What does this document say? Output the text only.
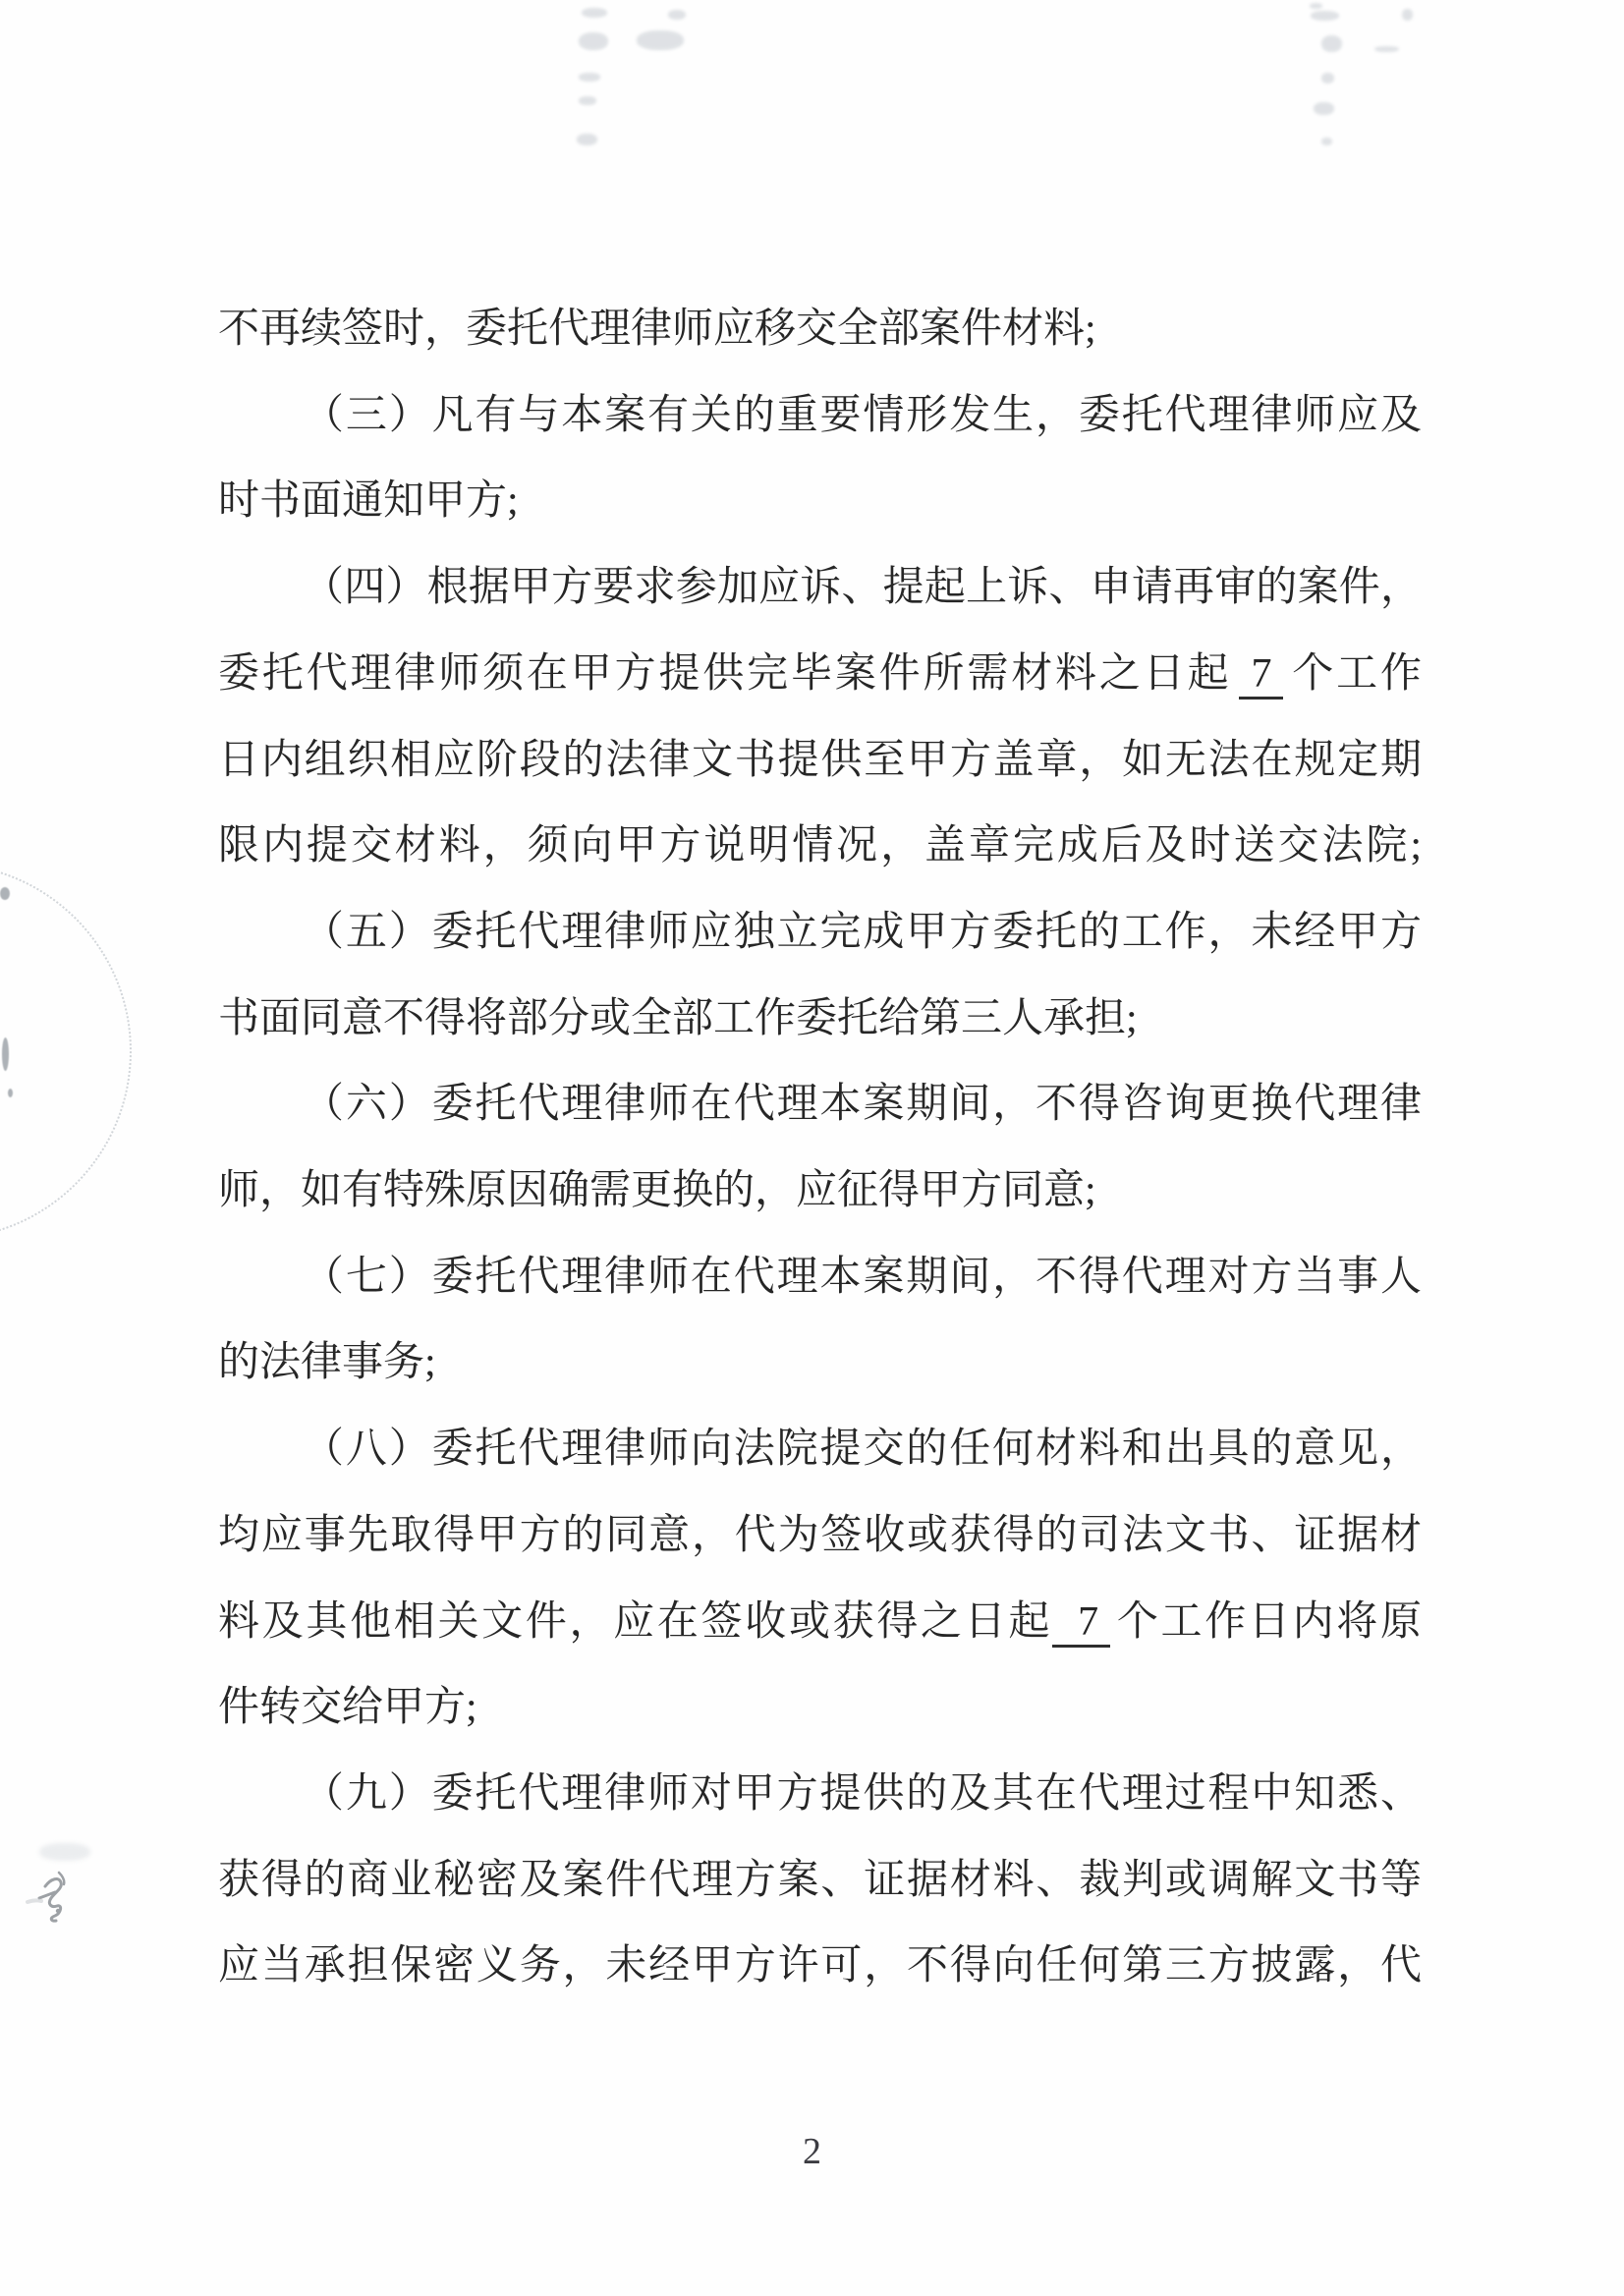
不再续签时，委托代理律师应移交全部案件材料;
（三）凡有与本案有关的重要情形发生，委托代理律师应及
时书面通知甲方;
（四）根据甲方要求参加应诉、提起上诉、申请再审的案件，
委托代理律师须在甲方提供完毕案件所需材料之日起 7 个工作
日内组织相应阶段的法律文书提供至甲方盖章，如无法在规定期
限内提交材料，须向甲方说明情况，盖章完成后及时送交法院;
（五）委托代理律师应独立完成甲方委托的工作，未经甲方
书面同意不得将部分或全部工作委托给第三人承担;
（六）委托代理律师在代理本案期间，不得咨询更换代理律
师，如有特殊原因确需更换的，应征得甲方同意;
（七）委托代理律师在代理本案期间，不得代理对方当事人
的法律事务;
（八）委托代理律师向法院提交的任何材料和出具的意见，
均应事先取得甲方的同意，代为签收或获得的司法文书、证据材
料及其他相关文件，应在签收或获得之日起 7 个工作日内将原
件转交给甲方;
（九）委托代理律师对甲方提供的及其在代理过程中知悉、
获得的商业秘密及案件代理方案、证据材料、裁判或调解文书等
应当承担保密义务，未经甲方许可，不得向任何第三方披露，代
2
